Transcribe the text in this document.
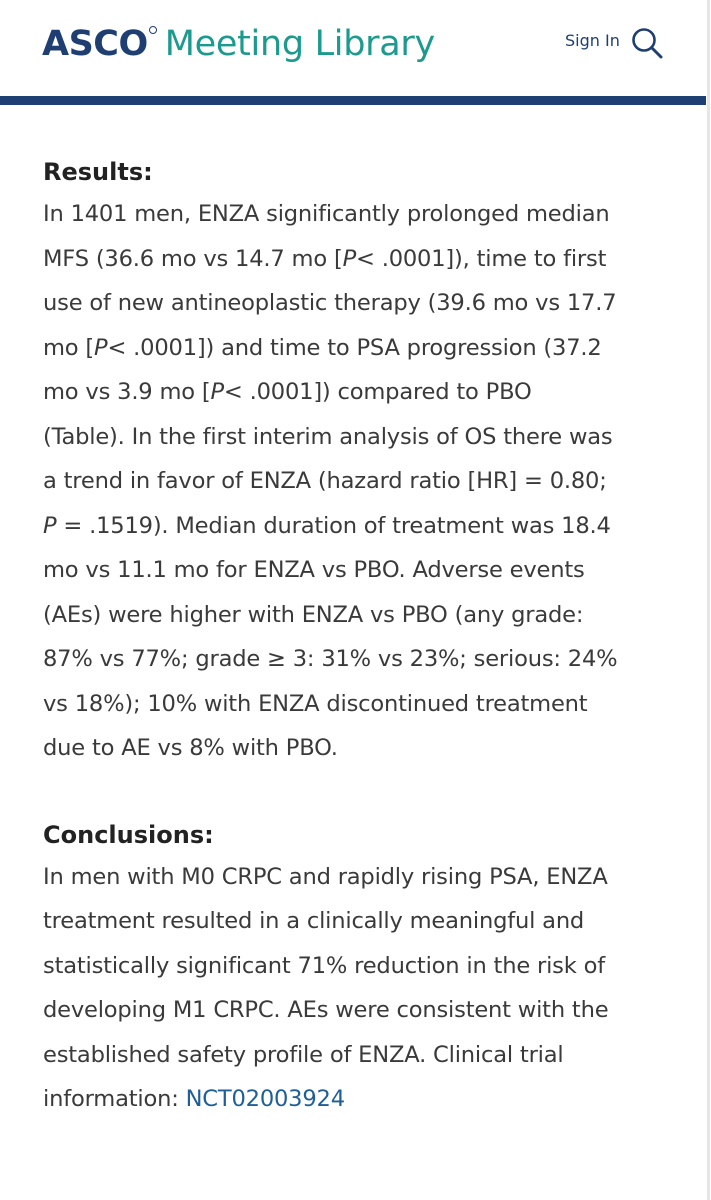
ASCO Meeting Library	Sign In
Results:

In 1401 men, ENZA significantly prolonged median
MFS (36.6 mo vs 14.7 mo [P< .0001]), time to first
use of new antineoplastic therapy (39.6 mo vs 17.7
mo [P< .0001]) and time to PSA progression (37.2
mo vs 3.9 mo [P< .0001]) compared to PBO
(Table). In the first interim analysis of OS there was
a trend in favor of ENZA (hazard ratio [HR] = 0.80;
P = .1519). Median duration of treatment was 18.4
mo vs 11.1 mo for ENZA vs PBO. Adverse events
(AEs) were higher with ENZA vs PBO (any grade:
87% vs 77%; grade ≥ 3: 31% vs 23%; serious: 24%
vs 18%); 10% with ENZA discontinued treatment
due to AE vs 8% with PBO.

Conclusions:

In men with M0 CRPC and rapidly rising PSA, ENZA
treatment resulted in a clinically meaningful and
statistically significant 71% reduction in the risk of
developing M1 CRPC. AEs were consistent with the
established safety profile of ENZA. Clinical trial
information: NCT02003924
